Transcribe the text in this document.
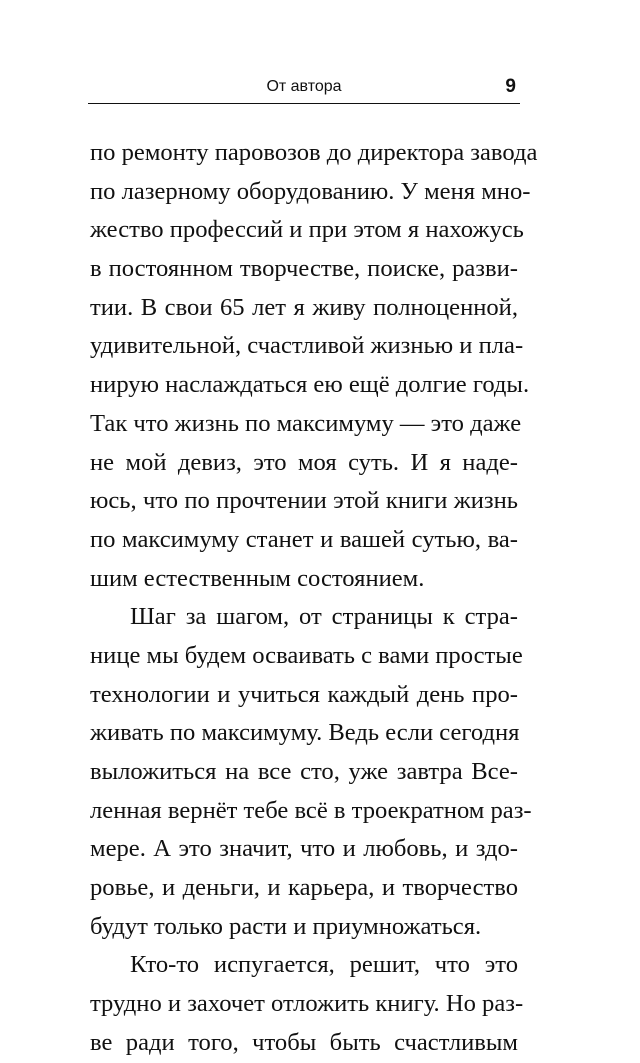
От автора	9
по ремонту паровозов до директора завода
по лазерному оборудованию. У меня мно-
жество профессий и при этом я нахожусь
в постоянном творчестве, поиске, разви-
тии. В свои 65 лет я живу полноценной,
удивительной, счастливой жизнью и пла-
нирую наслаждаться ею ещё долгие годы.
Так что жизнь по максимуму — это даже
не мой девиз, это моя суть. И я наде-
юсь, что по прочтении этой книги жизнь
по максимуму станет и вашей сутью, ва-
шим естественным состоянием.
Шаг за шагом, от страницы к стра-
нице мы будем осваивать с вами простые
технологии и учиться каждый день про-
живать по максимуму. Ведь если сегодня
выложиться на все сто, уже завтра Все-
ленная вернёт тебе всё в троекратном раз-
мере. А это значит, что и любовь, и здо-
ровье, и деньги, и карьера, и творчество
будут только расти и приумножаться.
Кто-то испугается, решит, что это
трудно и захочет отложить книгу. Но раз-
ве ради того, чтобы быть счастливым
